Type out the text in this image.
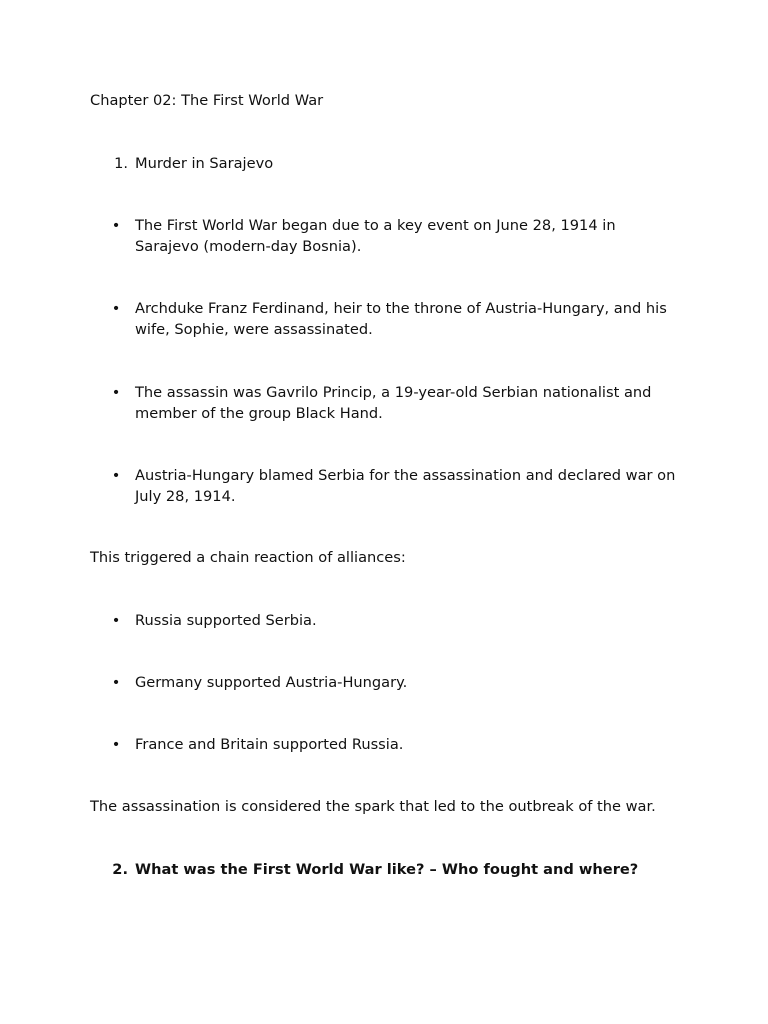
Chapter 02: The First World War

1. Murder in Sarajevo
• The First World War began due to a key event on June 28, 1914 in Sarajevo (modern-day Bosnia).
• Archduke Franz Ferdinand, heir to the throne of Austria-Hungary, and his wife, Sophie, were assassinated.
• The assassin was Gavrilo Princip, a 19-year-old Serbian nationalist and member of the group Black Hand.
• Austria-Hungary blamed Serbia for the assassination and declared war on July 28, 1914.

This triggered a chain reaction of alliances:

• Russia supported Serbia.
• Germany supported Austria-Hungary.
• France and Britain supported Russia.

The assassination is considered the spark that led to the outbreak of the war.

2. What was the First World War like? – Who fought and where?
